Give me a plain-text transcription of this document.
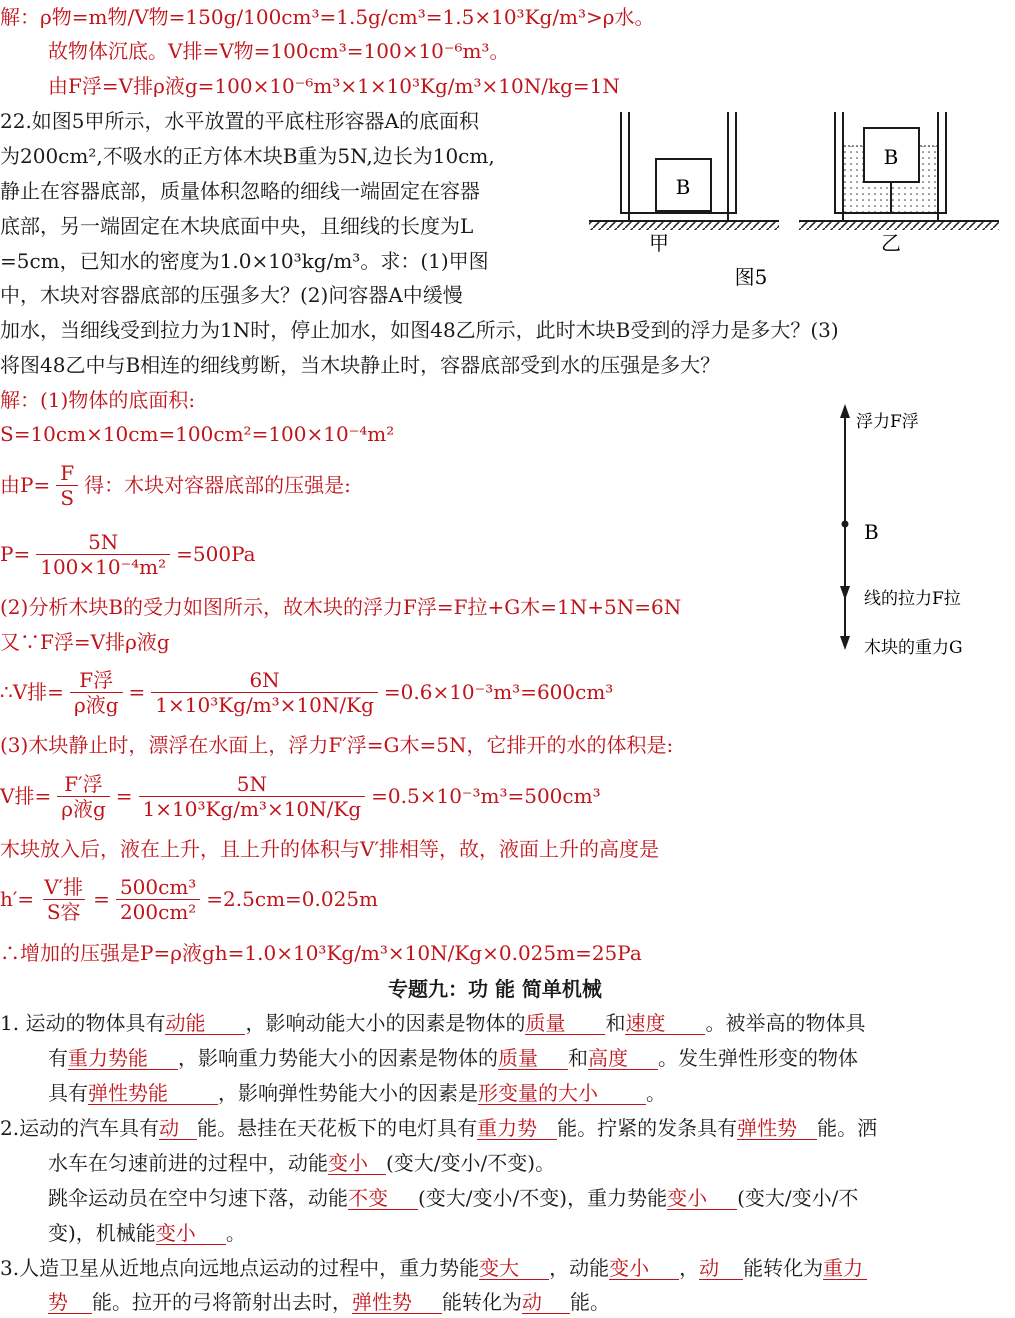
解：ρ物=m物/V物=150g/100cm³=1.5g/cm³=1.5×10³Kg/m³>ρ水。
故物体沉底。V排=V物=100cm³=100×10⁻⁶m³。
由F浮=V排ρ液g=100×10⁻⁶m³×1×10³Kg/m³×10N/kg=1N
22.如图5甲所示，水平放置的平底柱形容器A的底面积
为200cm²,不吸水的正方体木块B重为5N,边长为10cm,
静止在容器底部，质量体积忽略的细线一端固定在容器
底部，另一端固定在木块底面中央，且细线的长度为L
=5cm，已知水的密度为1.0×10³kg/m³。求：(1)甲图
中，木块对容器底部的压强多大？(2)问容器A中缓慢
加水，当细线受到拉力为1N时，停止加水，如图48乙所示，此时木块B受到的浮力是多大？(3)
将图48乙中与B相连的细线剪断，当木块静止时，容器底部受到水的压强是多大？
B
甲
B
乙
图5
浮力F浮
B
线的拉力F拉
木块的重力G
解：(1)物体的底面积:
S=10cm×10cm=100cm²=100×10⁻⁴m²
由$P= \frac{F}{S}$ 得：木块对容器底部的压强是:
$P= \frac{5N}{\text{100×10⁻⁴m²}} =500Pa$
(2)分析木块B的受力如图所示，故木块的浮力F浮=F拉+G木=1N+5N=6N
又∵F浮=V排ρ液g
∴V排= $\frac{\text{F浮}}{\text{ρ液g}} = \frac{6N}{\text{1×10³Kg/m³×10N/Kg}} =0.6\times 10^{-3}m^3=600cm^3$
(3)木块静止时，漂浮在水面上，浮力F′浮=G木=5N，它排开的水的体积是:
V排= $\frac{\text{F′浮}}{\text{ρ液g}} = \frac{5N}{\text{1×10³Kg/m³×10N/Kg}} =0.5\times 10^{-3}m^3=500cm^3$
木块放入后，液在上升，且上升的体积与V′排相等，故，液面上升的高度是
$h'= \frac{\text{V′排}}{\text{S容}} = \frac{\text{500cm³}}{\text{200cm²}} =2.5cm=0.025m$
∴增加的压强是P=ρ液gh=1.0×10³Kg/m³×10N/Kg×0.025m=25Pa
专题九：功 能 简单机械
1. 运动的物体具有动能 ，影响动能大小的因素是物体的质量 和速度 。被举高的物体具
有重力势能 ，影响重力势能大小的因素是物体的质量 和高度 。发生弹性形变的物体
具有弹性势能	，影响弹性势能大小的因素是形变量的大小 。
2.运动的汽车具有动 能。悬挂在天花板下的电灯具有重力势 能。拧紧的发条具有弹性势 能。洒
水车在匀速前进的过程中，动能变小 (变大/变小/不变)。
跳伞运动员在空中匀速下落，动能不变 (变大/变小/不变)，重力势能变小 (变大/变小/不
变)，机械能变小 。
3.人造卫星从近地点向远地点运动的过程中，重力势能变大 ，动能变小 ，动 能转化为重力
势 能。拉开的弓将箭射出去时，弹性势 能转化为动 能。
